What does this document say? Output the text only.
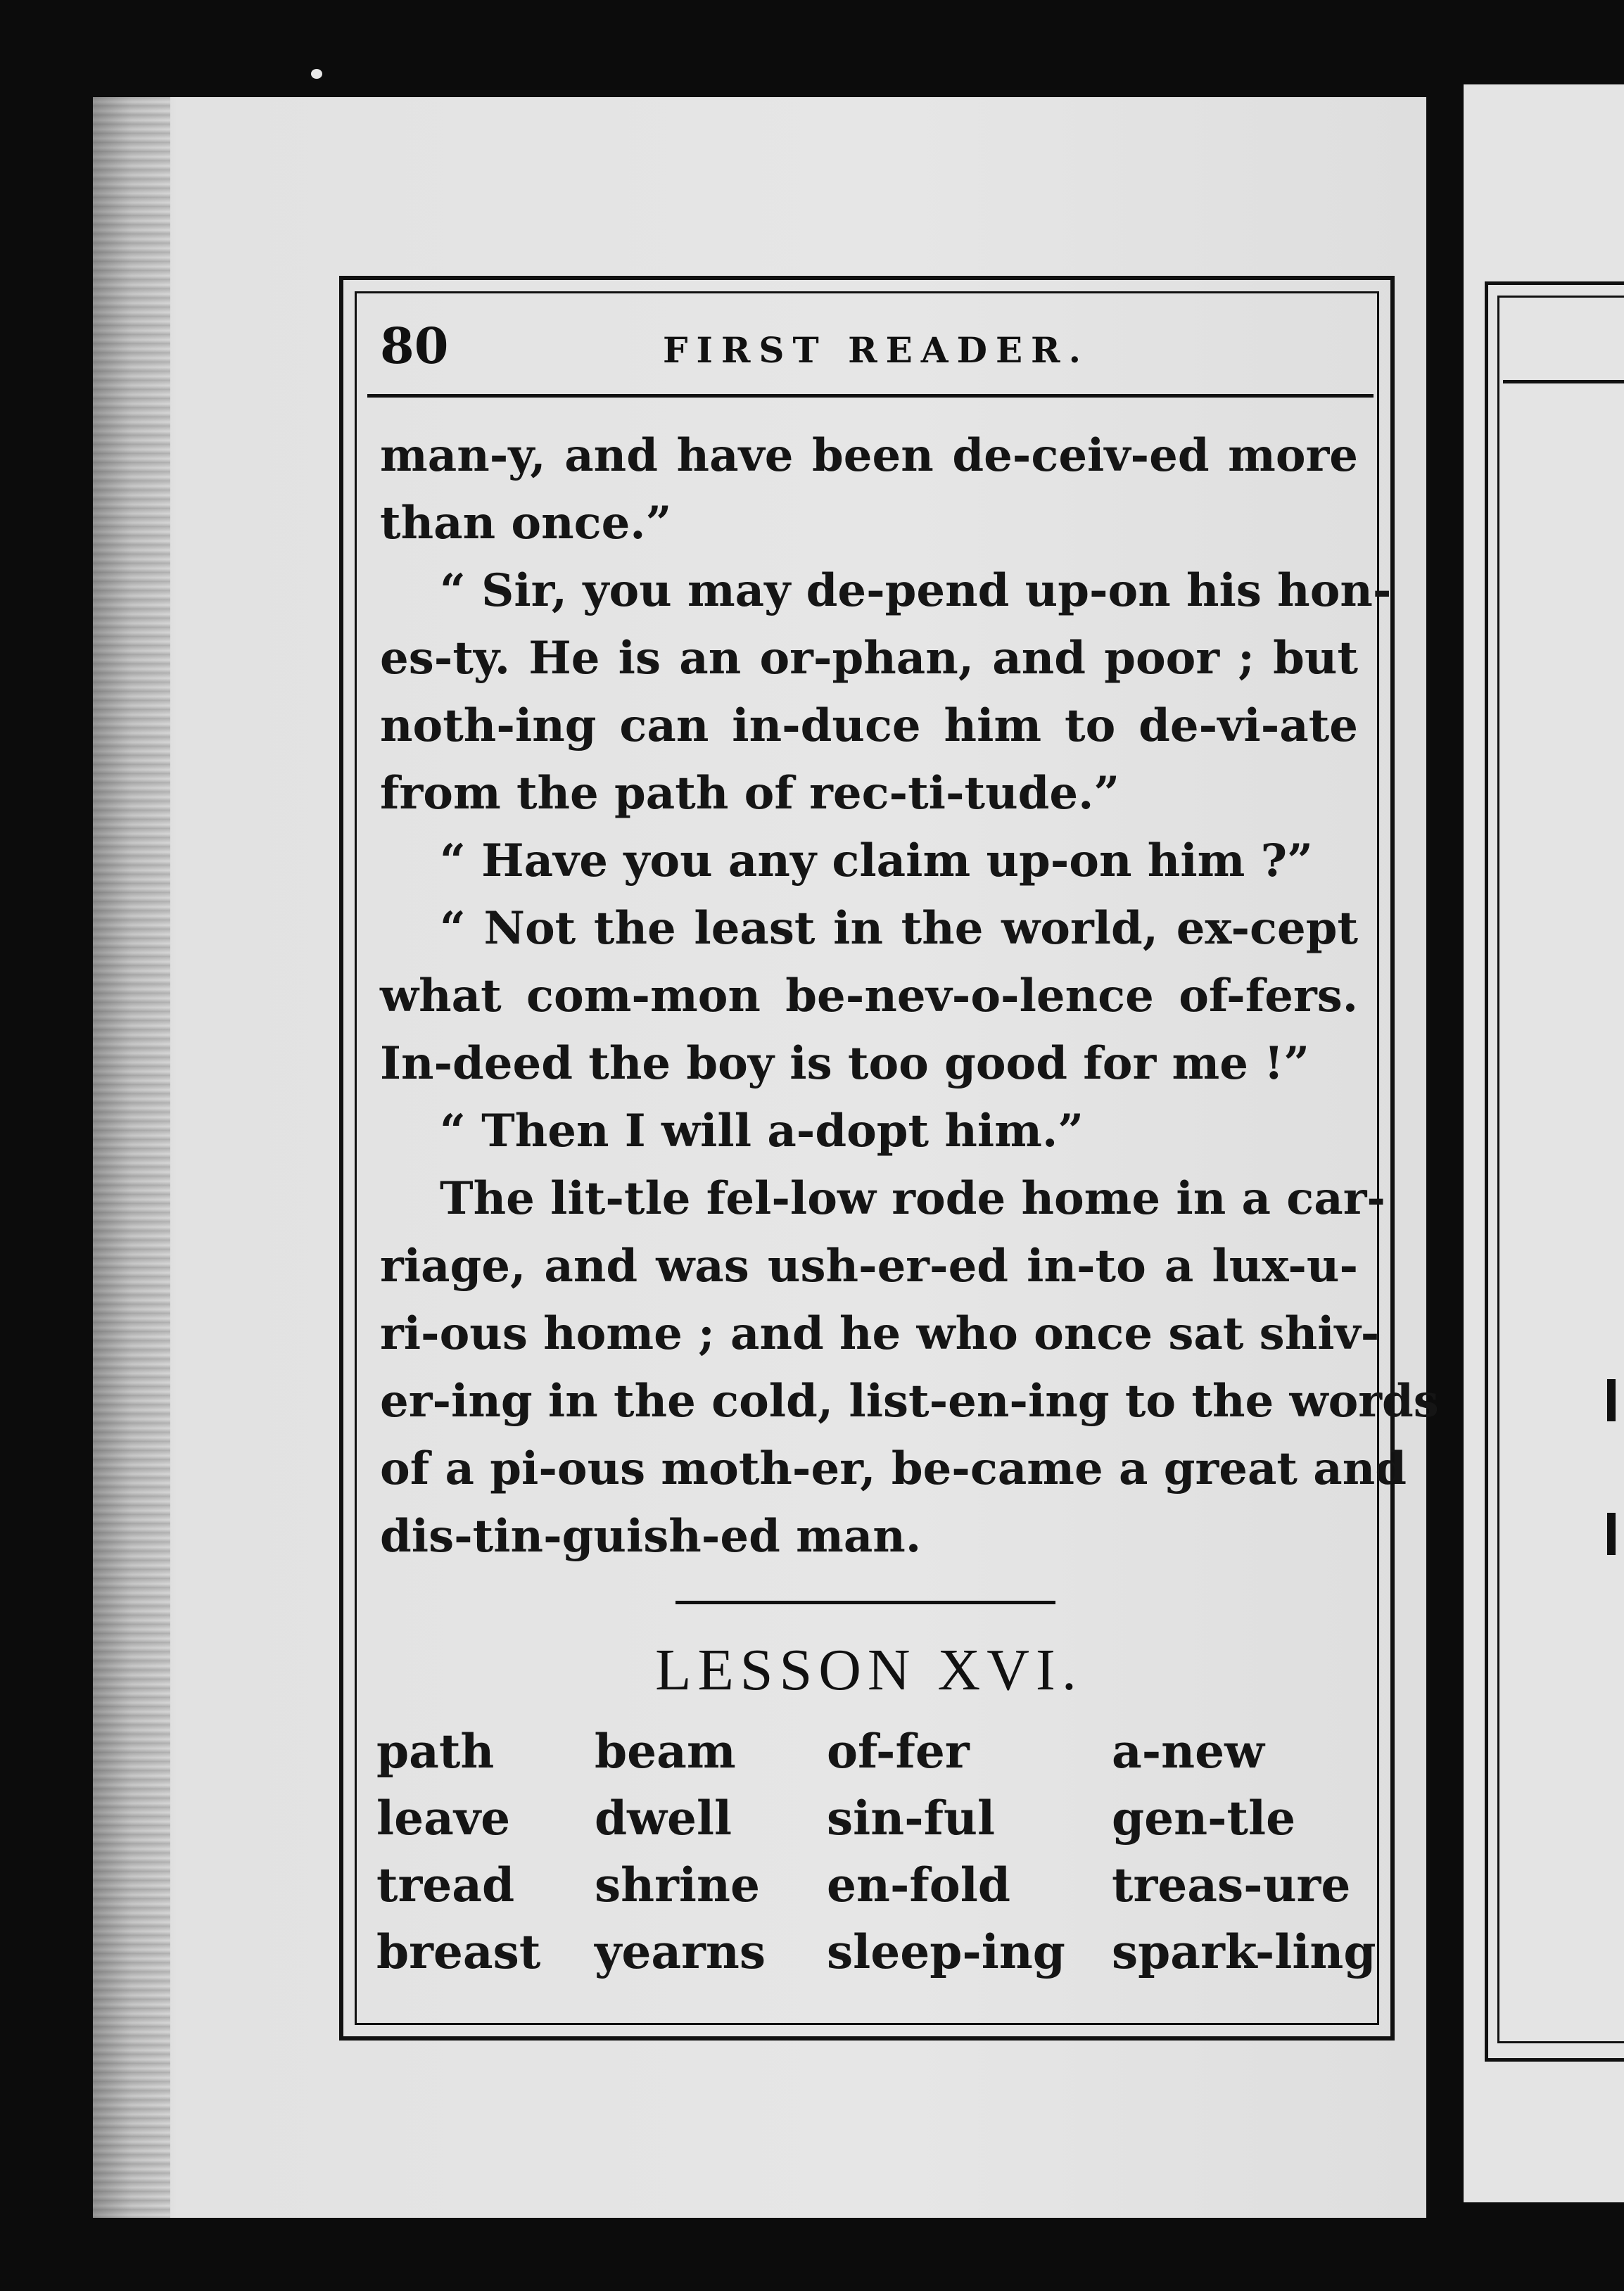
80	FIRST READER.
man-y, and have been de-ceiv-ed more
than once.”
“ Sir, you may de-pend up-on his hon-
es-ty. He is an or-phan, and poor ; but
noth-ing can in-duce him to de-vi-ate
from the path of rec-ti-tude.”
“ Have you any claim up-on him ?”
“ Not the least in the world, ex-cept
what com-mon be-nev-o-lence of-fers.
In-deed the boy is too good for me !”
“ Then I will a-dopt him.”
The lit-tle fel-low rode home in a car-
riage, and was ush-er-ed in-to a lux-u-
ri-ous home ; and he who once sat shiv-
er-ing in the cold, list-en-ing to the words
of a pi-ous moth-er, be-came a great and
dis-tin-guish-ed man.
LESSON XVI.
path	beam	of-fer	a-new
leave	dwell	sin-ful	gen-tle
tread	shrine	en-fold	treas-ure
breast	yearns	sleep-ing	spark-ling
